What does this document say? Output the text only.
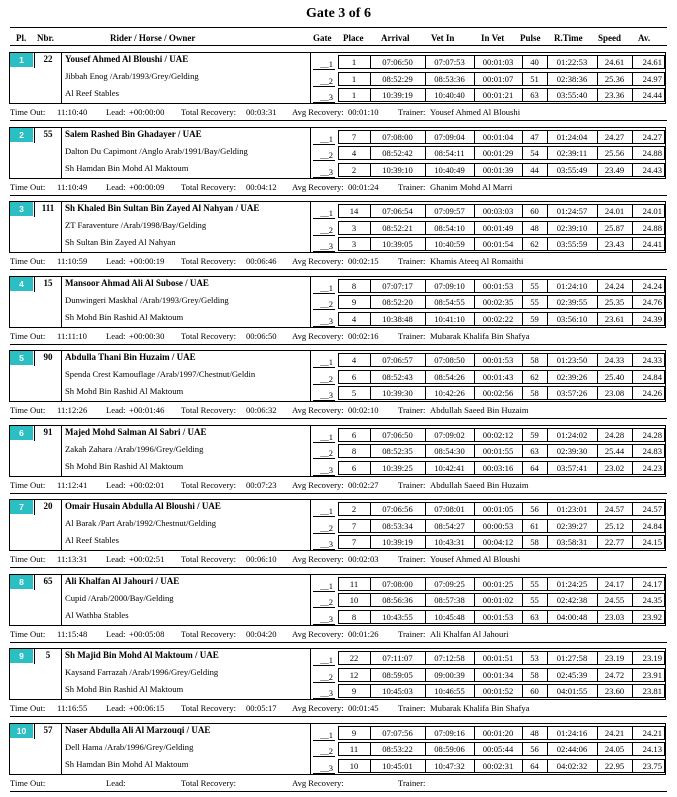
Gate 3 of 6
Pl. Nbr.	Rider / Horse / Owner	Gate Place Arrival Vet In	In Vet Pulse R.Time Speed Av.
1	22	Yousef Ahmed Al Bloushi / UAE
Jibbah Enog /Arab/1993/Grey/Gelding
Al Reef Stables
__1	1	07:06:50	07:07:53	00:01:03	40	01:22:53	24.61	24.61
__2	1	08:52:29	08:53:36	00:01:07	51	02:38:36	25.36	24.97
__3	1	10:39:19	10:40:40	00:01:21	63	03:55:40	23.36	24.44
Time Out: 11:10:40 Lead: +00:00:00 Total Recovery: 00:03:31 Avg Recovery: 00:01:10 Trainer: Yousef Ahmed Al Bloushi
2	55	Salem Rashed Bin Ghadayer / UAE
Dalton Du Capimont /Anglo Arab/1991/Bay/Gelding
Sh Hamdan Bin Mohd Al Maktoum
__1	7	07:08:00	07:09:04	00:01:04	47	01:24:04	24.27	24.27
__2	4	08:52:42	08:54:11	00:01:29	54	02:39:11	25.56	24.88
__3	2	10:39:10	10:40:49	00:01:39	44	03:55:49	23.49	24.43
Time Out: 11:10:49 Lead: +00:00:09 Total Recovery: 00:04:12 Avg Recovery: 00:01:24 Trainer: Ghanim Mohd Al Marri
3	111	Sh Khaled Bin Sultan Bin Zayed Al Nahyan / UAE
ZT Faraventure /Arab/1998/Bay/Gelding
Sh Sultan Bin Zayed Al Nahyan
__1	14	07:06:54	07:09:57	00:03:03	60	01:24:57	24.01	24.01
__2	3	08:52:21	08:54:10	00:01:49	48	02:39:10	25.87	24.88
__3	3	10:39:05	10:40:59	00:01:54	62	03:55:59	23.43	24.41
Time Out: 11:10:59 Lead: +00:00:19 Total Recovery: 00:06:46 Avg Recovery: 00:02:15 Trainer: Khamis Ateeq Al Romaithi
4	15	Mansoor Ahmad Ali Al Subose / UAE
Dunwingeri Maskhal /Arab/1993/Grey/Gelding
Sh Mohd Bin Rashid Al Maktoum
__1	8	07:07:17	07:09:10	00:01:53	55	01:24:10	24.24	24.24
__2	9	08:52:20	08:54:55	00:02:35	55	02:39:55	25.35	24.76
__3	4	10:38:48	10:41:10	00:02:22	59	03:56:10	23.61	24.39
Time Out: 11:11:10 Lead: +00:00:30 Total Recovery: 00:06:50 Avg Recovery: 00:02:16 Trainer: Mubarak Khalifa Bin Shafya
5	90	Abdulla Thani Bin Huzaim / UAE
Spenda Crest Kamouflage /Arab/1997/Chestnut/Geldin
Sh Mohd Bin Rashid Al Maktoum
__1	4	07:06:57	07:08:50	00:01:53	58	01:23:50	24.33	24.33
__2	6	08:52:43	08:54:26	00:01:43	62	02:39:26	25.40	24.84
__3	5	10:39:30	10:42:26	00:02:56	58	03:57:26	23.08	24.26
Time Out: 11:12:26 Lead: +00:01:46 Total Recovery: 00:06:32 Avg Recovery: 00:02:10 Trainer: Abdullah Saeed Bin Huzaim
6	91	Majed Mohd Salman Al Sabri / UAE
Zakah Zahara /Arab/1996/Grey/Gelding
Sh Mohd Bin Rashid Al Maktoum
__1	6	07:06:50	07:09:02	00:02:12	59	01:24:02	24.28	24.28
__2	8	08:52:35	08:54:30	00:01:55	63	02:39:30	25.44	24.83
__3	6	10:39:25	10:42:41	00:03:16	64	03:57:41	23.02	24.23
Time Out: 11:12:41 Lead: +00:02:01 Total Recovery: 00:07:23 Avg Recovery: 00:02:27 Trainer: Abdullah Saeed Bin Huzaim
7	20	Omair Husain Abdulla Al Bloushi / UAE
Al Barak /Part Arab/1992/Chestnut/Gelding
Al Reef Stables
__1	2	07:06:56	07:08:01	00:01:05	56	01:23:01	24.57	24.57
__2	7	08:53:34	08:54:27	00:00:53	61	02:39:27	25.12	24.84
__3	7	10:39:19	10:43:31	00:04:12	58	03:58:31	22.77	24.15
Time Out: 11:13:31 Lead: +00:02:51 Total Recovery: 00:06:10 Avg Recovery: 00:02:03 Trainer: Yousef Ahmed Al Bloushi
8	65	Ali Khalfan Al Jahouri / UAE
Cupid /Arab/2000/Bay/Gelding
Al Wathba Stables
__1	11	07:08:00	07:09:25	00:01:25	55	01:24:25	24.17	24.17
__2	10	08:56:36	08:57:38	00:01:02	55	02:42:38	24.55	24.35
__3	8	10:43:55	10:45:48	00:01:53	63	04:00:48	23.03	23.92
Time Out: 11:15:48 Lead: +00:05:08 Total Recovery: 00:04:20 Avg Recovery: 00:01:26 Trainer: Ali Khalfan Al Jahouri
9	5	Sh Majid Bin Mohd Al Maktoum / UAE
Kaysand Farrazah /Arab/1996/Grey/Gelding
Sh Mohd Bin Rashid Al Maktoum
__1	22	07:11:07	07:12:58	00:01:51	53	01:27:58	23.19	23.19
__2	12	08:59:05	09:00:39	00:01:34	58	02:45:39	24.72	23.91
__3	9	10:45:03	10:46:55	00:01:52	60	04:01:55	23.60	23.81
Time Out: 11:16:55 Lead: +00:06:15 Total Recovery: 00:05:17 Avg Recovery: 00:01:45 Trainer: Mubarak Khalifa Bin Shafya
10	57	Naser Abdulla Ali Al Marzouqi / UAE
Dell Hama /Arab/1996/Grey/Gelding
Sh Hamdan Bin Mohd Al Maktoum
__1	9	07:07:56	07:09:16	00:01:20	48	01:24:16	24.21	24.21
__2	11	08:53:22	08:59:06	00:05:44	56	02:44:06	24.05	24.13
__3	10	10:45:01	10:47:32	00:02:31	64	04:02:32	22.95	23.75
Time Out:	Lead:	Total Recovery:	Avg Recovery:	Trainer:
